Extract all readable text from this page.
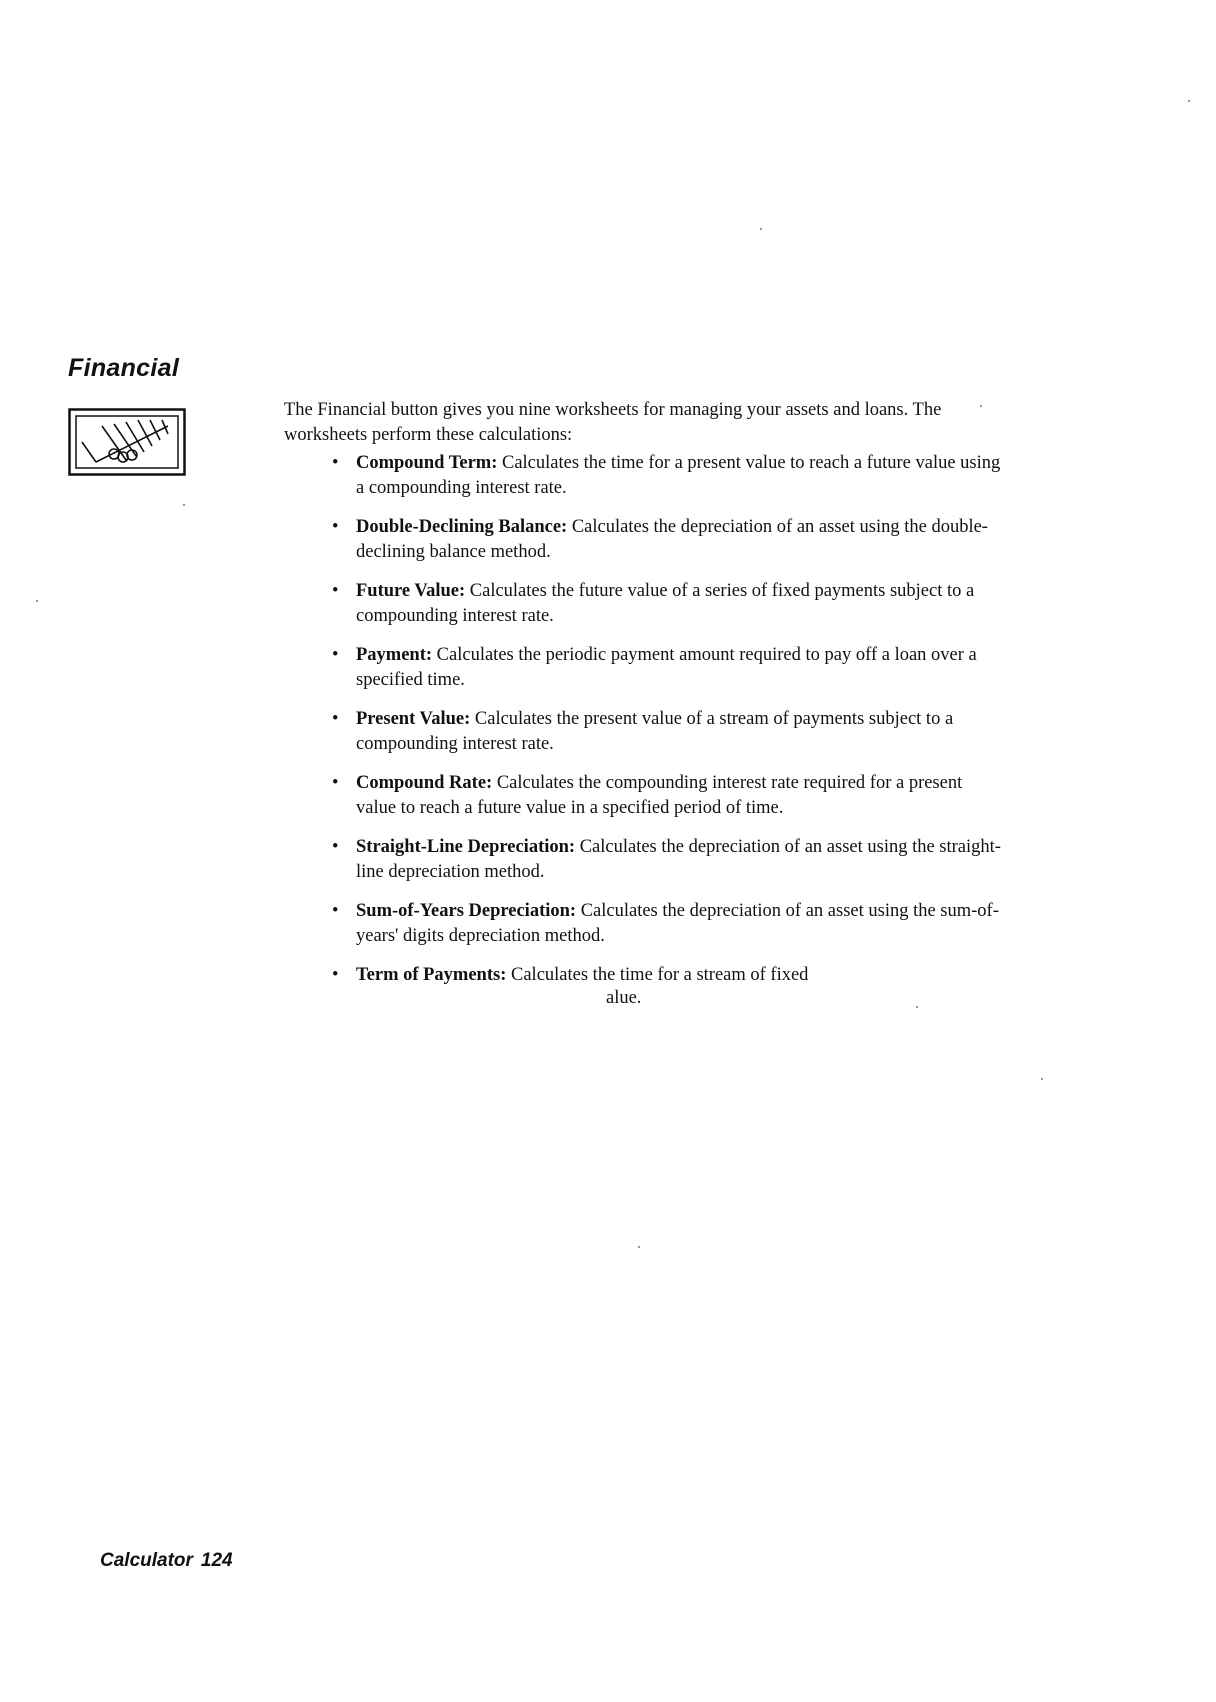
Financial

The Financial button gives you nine worksheets for managing your assets and loans. The worksheets perform these calculations:

• Compound Term: Calculates the time for a present value to reach a future value using a compounding interest rate.
• Double-Declining Balance: Calculates the depreciation of an asset using the double-declining balance method.
• Future Value: Calculates the future value of a series of fixed payments subject to a compounding interest rate.
• Payment: Calculates the periodic payment amount required to pay off a loan over a specified time.
• Present Value: Calculates the present value of a stream of payments subject to a compounding interest rate.
• Compound Rate: Calculates the compounding interest rate required for a present value to reach a future value in a specified period of time.
• Straight-Line Depreciation: Calculates the depreciation of an asset using the straight-line depreciation method.
• Sum-of-Years Depreciation: Calculates the depreciation of an asset using the sum-of-years' digits depreciation method.
• Term of Payments: Calculates the time for a stream of fixed
alue.
Calculator 124
